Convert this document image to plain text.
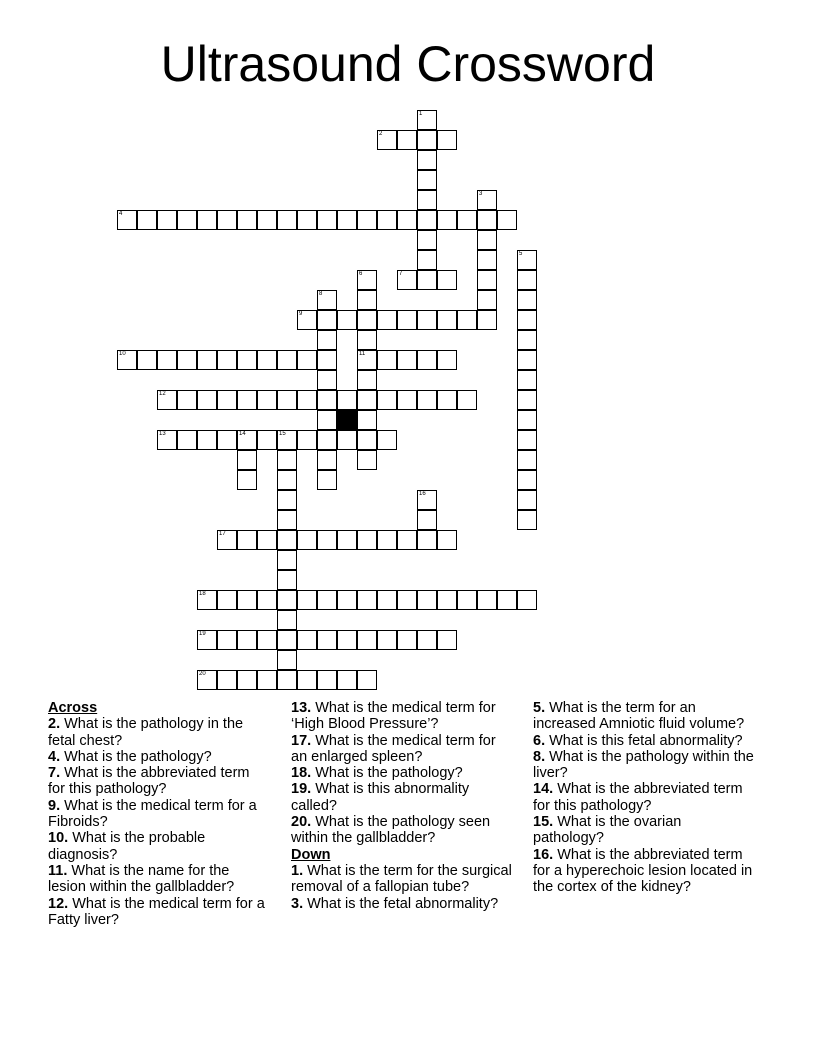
Ultrasound Crossword
1
2
3
4
5
6
11
7
8
9
10
12
13	14	15
16
17
18
19
20
Across

2. What is the pathology in the fetal chest?

4. What is the pathology?

7. What is the abbreviated term for this pathology?

9. What is the medical term for a Fibroids?

10. What is the probable diagnosis?

11. What is the name for the lesion within the gallbladder?

12. What is the medical term for a Fatty liver?

13. What is the medical term for ‘High Blood Pressure’?

17. What is the medical term for an enlarged spleen?

18. What is the pathology?

19. What is this abnormality called?

20. What is the pathology seen within the gallbladder?

Down

1. What is the term for the surgical removal of a fallopian tube?

3. What is the fetal abnormality?

5. What is the term for an increased Amniotic fluid volume?

6. What is this fetal abnormality?

8. What is the pathology within the liver?

14. What is the abbreviated term for this pathology?

15. What is the ovarian pathology?

16. What is the abbreviated term for a hyperechoic lesion located in the cortex of the kidney?
